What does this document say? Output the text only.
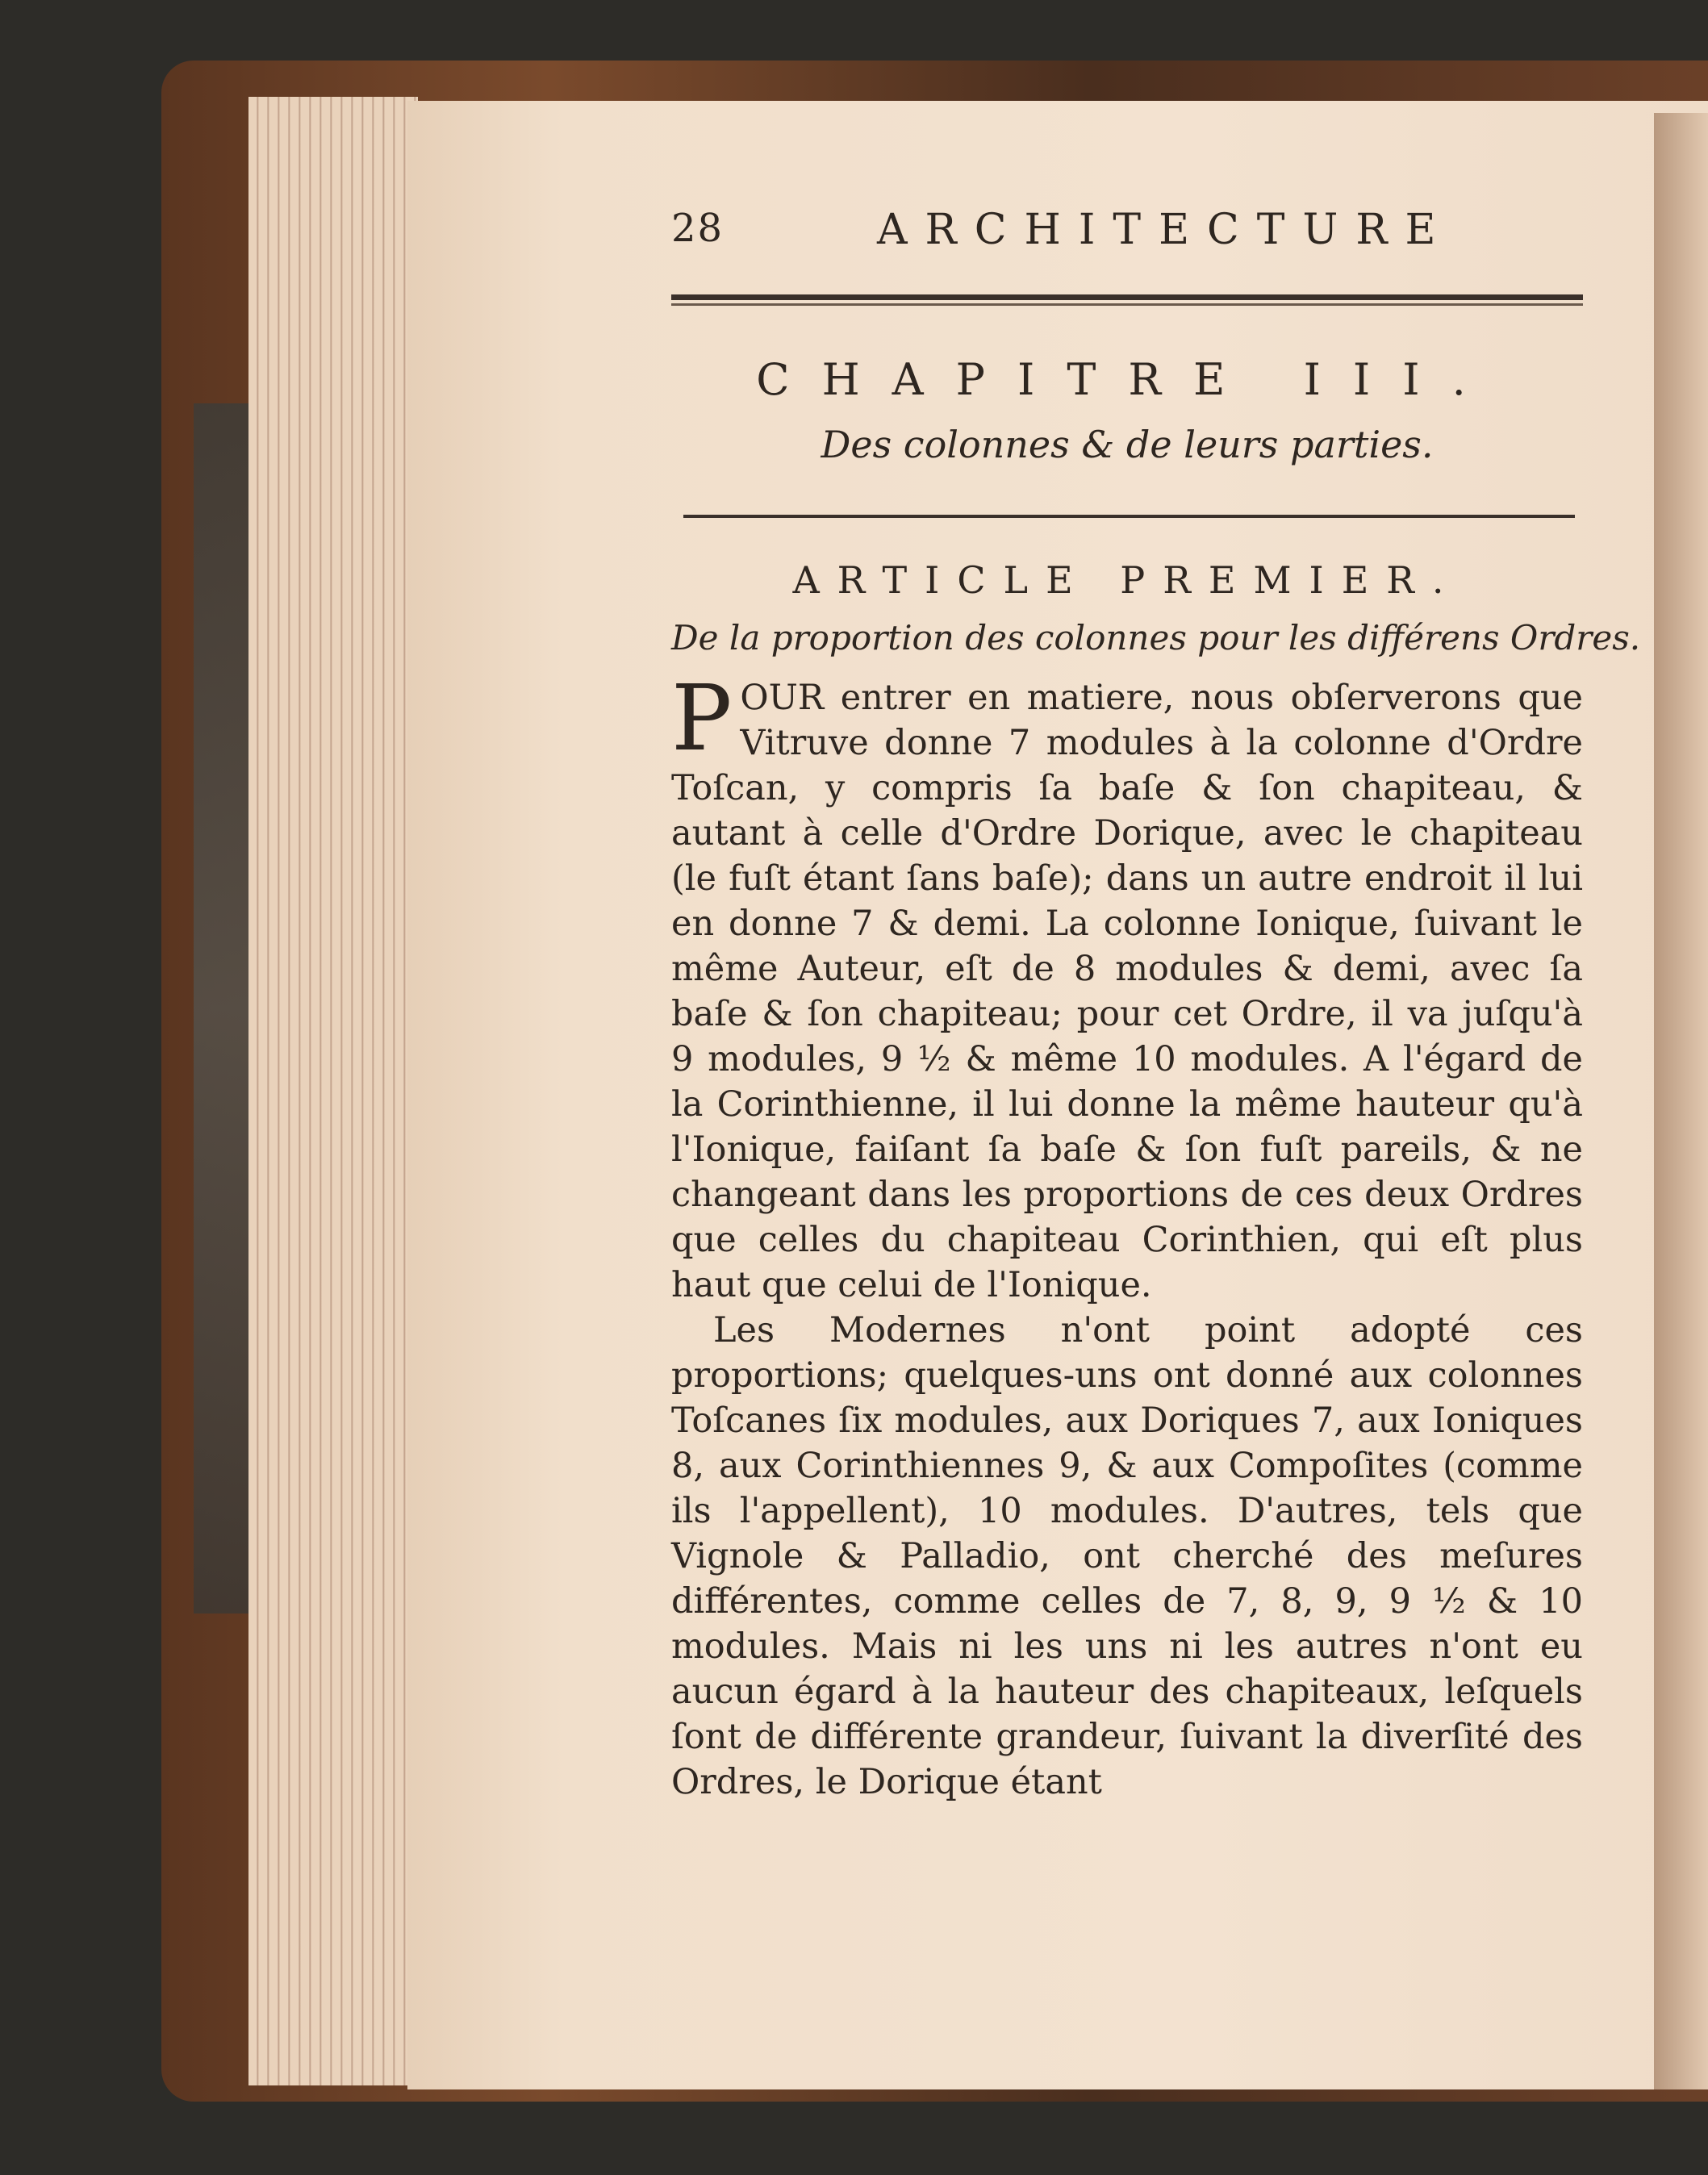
28	ARCHITECTURE
CHAPITRE III.
Des colonnes & de leurs parties.
ARTICLE PREMIER.
De la proportion des colonnes pour les différens Ordres.
POUR entrer en matiere, nous obſerverons que Vitruve donne 7 modules à la colonne d'Ordre Toſcan, y compris ſa baſe & ſon chapiteau, & autant à celle d'Ordre Dorique, avec le chapiteau (le fuſt étant ſans baſe); dans un autre endroit il lui en donne 7 & demi. La colonne Ionique, ſuivant le même Auteur, eſt de 8 modules & demi, avec ſa baſe & ſon chapiteau; pour cet Ordre, il va juſqu'à 9 modules, 9 ½ & même 10 modules. A l'égard de la Corinthienne, il lui donne la même hauteur qu'à l'Ionique, faiſant ſa baſe & ſon fuſt pareils, & ne changeant dans les proportions de ces deux Ordres que celles du chapiteau Corinthien, qui eſt plus haut que celui de l'Ionique.
Les Modernes n'ont point adopté ces proportions; quelques-uns ont donné aux colonnes Toſcanes ſix modules, aux Doriques 7, aux Ioniques 8, aux Corinthiennes 9, & aux Compoſites (comme ils l'appellent), 10 modules. D'autres, tels que Vignole & Palladio, ont cherché des meſures différentes, comme celles de 7, 8, 9, 9 ½ & 10 modules. Mais ni les uns ni les autres n'ont eu aucun égard à la hauteur des chapiteaux, leſquels ſont de différente grandeur, ſuivant la diverſité des Ordres, le Dorique étant
